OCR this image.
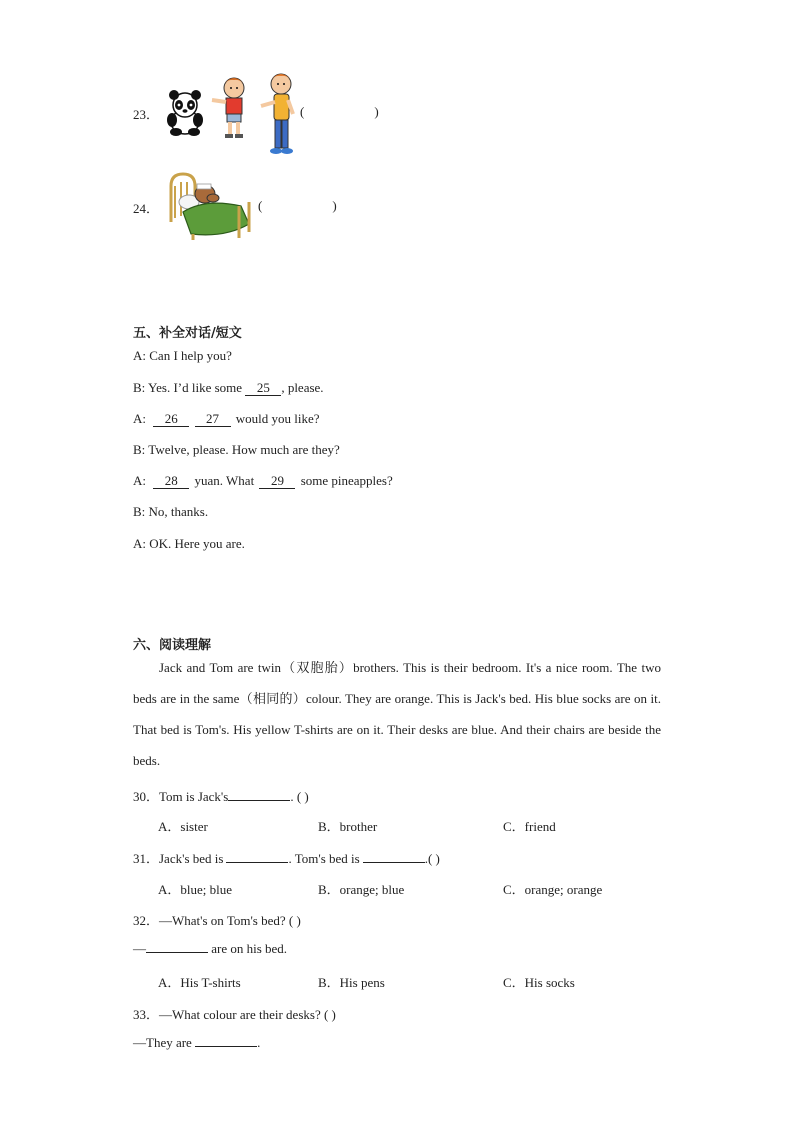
23．	(	)
24．	(	)
五、补全对话/短文
A: Can I help you?
B: Yes. I’d like some 25 , please.
A: 26 27 would you like?
B: Twelve, please. How much are they?
A: 28 yuan. What 29 some pineapples?
B: No, thanks.
A: OK. Here you are.
六、阅读理解
Jack and Tom are twin（双胞胎）brothers. This is their bedroom. It's a nice room. The two beds are in the same（相同的）colour. They are orange. This is Jack's bed. His blue socks are on it. That bed is Tom's. His yellow T-shirts are on it. Their desks are blue. And their chairs are beside the beds.
30．Tom is Jack's	. ( )
A．sister	B．brother	C．friend
31．Jack's bed is	. Tom's bed is	.( )
A．blue; blue	B．orange; blue	C．orange; orange
32．—What's on Tom's bed? ( )
—	are on his bed.
A．His T-shirts	B．His pens	C．His socks
33．—What colour are their desks? ( )
—They are	.
